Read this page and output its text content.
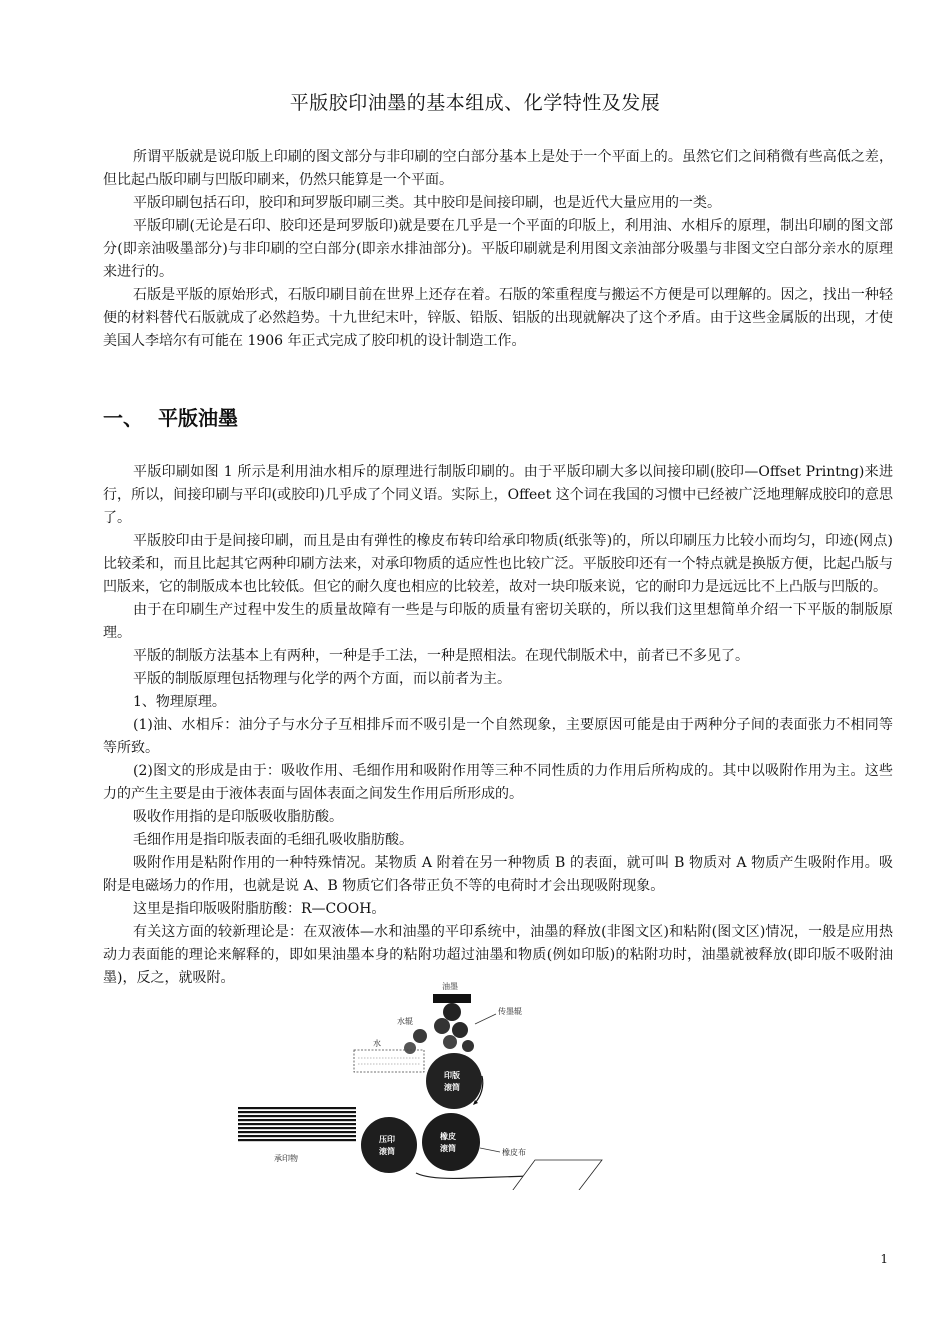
平版胶印油墨的基本组成、化学特性及发展

所谓平版就是说印版上印刷的图文部分与非印刷的空白部分基本上是处于一个平面上的。虽然它们之间稍微有些高低之差，但比起凸版印刷与凹版印刷来，仍然只能算是一个平面。

平版印刷包括石印，胶印和珂罗版印刷三类。其中胶印是间接印刷，也是近代大量应用的一类。

平版印刷(无论是石印、胶印还是珂罗版印)就是要在几乎是一个平面的印版上，利用油、水相斥的原理，制出印刷的图文部分(即亲油吸墨部分)与非印刷的空白部分(即亲水排油部分)。平版印刷就是利用图文亲油部分吸墨与非图文空白部分亲水的原理来进行的。

石版是平版的原始形式，石版印刷目前在世界上还存在着。石版的笨重程度与搬运不方便是可以理解的。因之，找出一种轻便的材料替代石版就成了必然趋势。十九世纪末叶，锌版、铅版、铝版的出现就解决了这个矛盾。由于这些金属版的出现，才使美国人李培尔有可能在 1906 年正式完成了胶印机的设计制造工作。

一、 平版油墨

平版印刷如图 1 所示是利用油水相斥的原理进行制版印刷的。由于平版印刷大多以间接印刷(胶印—Offset Printng)来进行，所以，间接印刷与平印(或胶印)几乎成了个同义语。实际上，Offeet 这个词在我国的习惯中已经被广泛地理解成胶印的意思了。

平版胶印由于是间接印刷，而且是由有弹性的橡皮布转印给承印物质(纸张等)的，所以印刷压力比较小而均匀，印迹(网点)比较柔和，而且比起其它两种印刷方法来，对承印物质的适应性也比较广泛。平版胶印还有一个特点就是换版方便，比起凸版与凹版来，它的制版成本也比较低。但它的耐久度也相应的比较差，故对一块印版来说，它的耐印力是远远比不上凸版与凹版的。

由于在印刷生产过程中发生的质量故障有一些是与印版的质量有密切关联的，所以我们这里想简单介绍一下平版的制版原理。

平版的制版方法基本上有两种，一种是手工法，一种是照相法。在现代制版术中，前者已不多见了。

平版的制版原理包括物理与化学的两个方面，而以前者为主。

1、物理原理。

(1)油、水相斥：油分子与水分子互相排斥而不吸引是一个自然现象，主要原因可能是由于两种分子间的表面张力不相同等等所致。

(2)图文的形成是由于：吸收作用、毛细作用和吸附作用等三种不同性质的力作用后所构成的。其中以吸附作用为主。这些力的产生主要是由于液体表面与固体表面之间发生作用后所形成的。

吸收作用指的是印版吸收脂肪酸。

毛细作用是指印版表面的毛细孔吸收脂肪酸。

吸附作用是粘附作用的一种特殊情况。某物质 A 附着在另一种物质 B 的表面，就可叫 B 物质对 A 物质产生吸附作用。吸附是电磁场力的作用，也就是说 A、B 物质它们各带正负不等的电荷时才会出现吸附现象。

这里是指印版吸附脂肪酸：R—COOH。

有关这方面的较新理论是：在双液体—水和油墨的平印系统中，油墨的释放(非图文区)和粘附(图文区)情况，一般是应用热动力表面能的理论来解释的，即如果油墨本身的粘附功超过油墨和物质(例如印版)的粘附功时，油墨就被释放(即印版不吸附油墨)，反之，就吸附。

油墨
传墨辊
水辊
水
印版
滚筒
橡皮
滚筒	橡皮布
压印
滚筒
承印物
1
